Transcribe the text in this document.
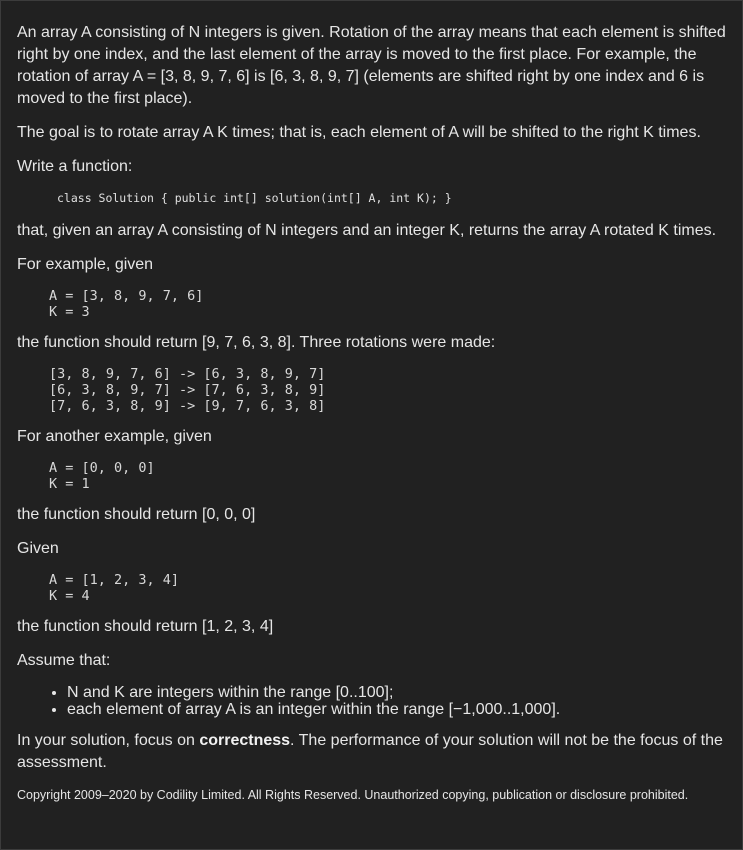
An array A consisting of N integers is given. Rotation of the array means that each element is shifted right by one index, and the last element of the array is moved to the first place. For example, the rotation of array A = [3, 8, 9, 7, 6] is [6, 3, 8, 9, 7] (elements are shifted right by one index and 6 is moved to the first place).

The goal is to rotate array A K times; that is, each element of A will be shifted to the right K times.

Write a function:

class Solution { public int[] solution(int[] A, int K); }

that, given an array A consisting of N integers and an integer K, returns the array A rotated K times.

For example, given

A = [3, 8, 9, 7, 6]
K = 3

the function should return [9, 7, 6, 3, 8]. Three rotations were made:

[3, 8, 9, 7, 6] -> [6, 3, 8, 9, 7]
[6, 3, 8, 9, 7] -> [7, 6, 3, 8, 9]
[7, 6, 3, 8, 9] -> [9, 7, 6, 3, 8]

For another example, given

A = [0, 0, 0]
K = 1

the function should return [0, 0, 0]

Given

A = [1, 2, 3, 4]
K = 4

the function should return [1, 2, 3, 4]

Assume that:

• N and K are integers within the range [0..100];
• each element of array A is an integer within the range [−1,000..1,000].

In your solution, focus on correctness. The performance of your solution will not be the focus of the assessment.

Copyright 2009–2020 by Codility Limited. All Rights Reserved. Unauthorized copying, publication or disclosure prohibited.
